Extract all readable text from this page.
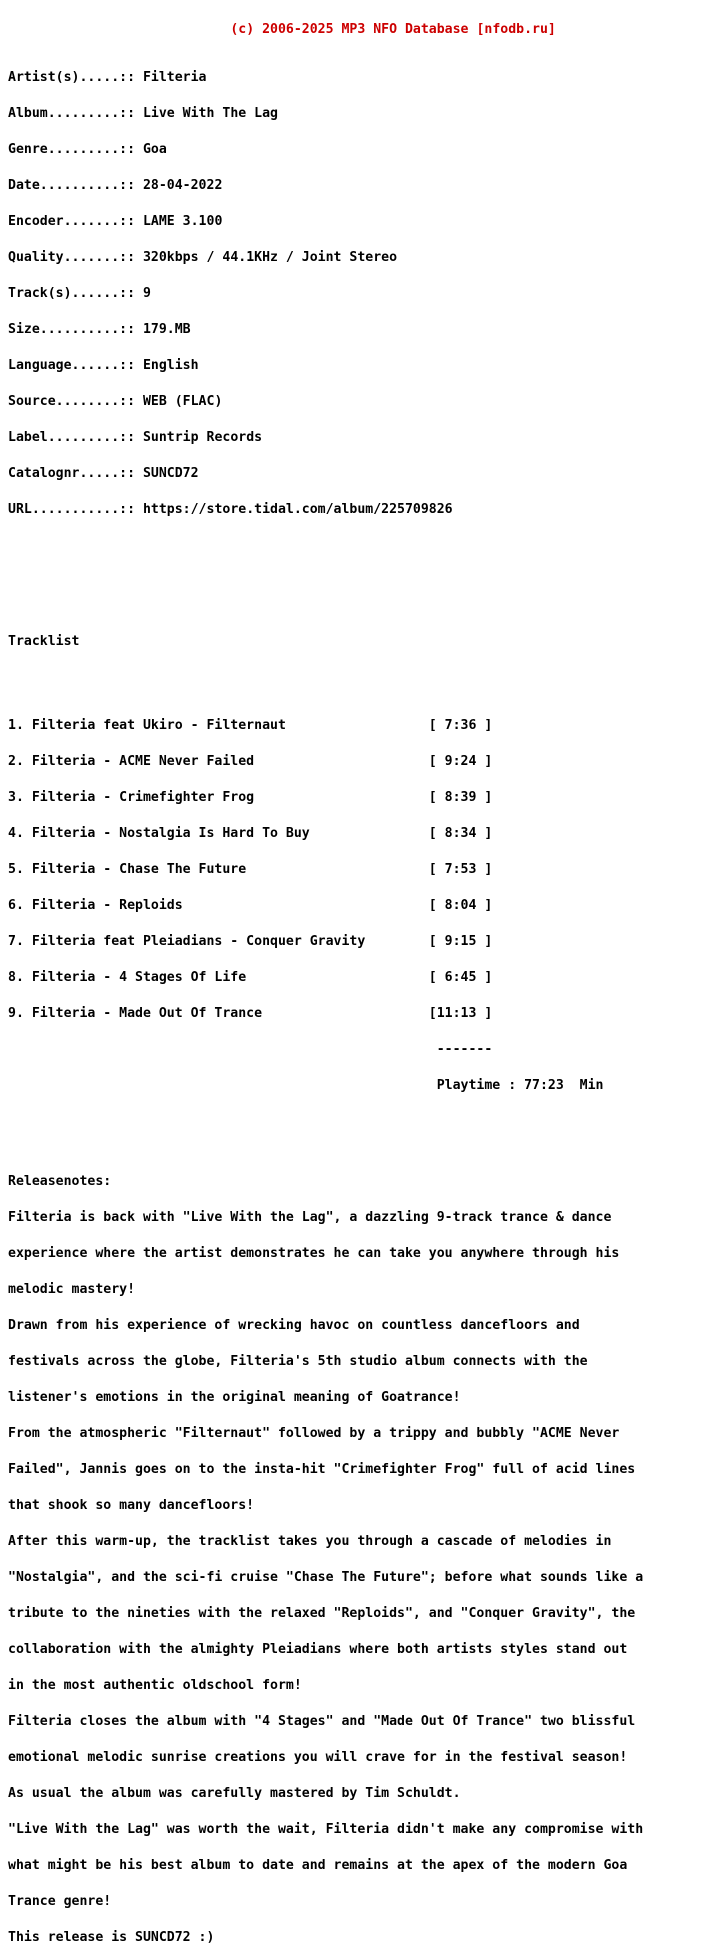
(c) 2006-2025 MP3 NFO Database [nfodb.ru]

Artist(s).....:: Filteria

Album.........:: Live With The Lag

Genre.........:: Goa

Date..........:: 28-04-2022

Encoder.......:: LAME 3.100

Quality.......:: 320kbps / 44.1KHz / Joint Stereo

Track(s)......:: 9

Size..........:: 179.MB

Language......:: English

Source........:: WEB (FLAC)

Label.........:: Suntrip Records

Catalognr.....:: SUNCD72

URL...........:: https://store.tidal.com/album/225709826

Tracklist

1. Filteria feat Ukiro - Filternaut                  [ 7:36 ]

2. Filteria - ACME Never Failed                      [ 9:24 ]

3. Filteria - Crimefighter Frog                      [ 8:39 ]

4. Filteria - Nostalgia Is Hard To Buy               [ 8:34 ]

5. Filteria - Chase The Future                       [ 7:53 ]

6. Filteria - Reploids                               [ 8:04 ]

7. Filteria feat Pleiadians - Conquer Gravity        [ 9:15 ]

8. Filteria - 4 Stages Of Life                       [ 6:45 ]

9. Filteria - Made Out Of Trance                     [11:13 ]

-------

Playtime : 77:23  Min

Releasenotes:

Filteria is back with "Live With the Lag", a dazzling 9-track trance & dance

experience where the artist demonstrates he can take you anywhere through his

melodic mastery!

Drawn from his experience of wrecking havoc on countless dancefloors and

festivals across the globe, Filteria's 5th studio album connects with the

listener's emotions in the original meaning of Goatrance!

From the atmospheric "Filternaut" followed by a trippy and bubbly "ACME Never

Failed", Jannis goes on to the insta-hit "Crimefighter Frog" full of acid lines

that shook so many dancefloors!

After this warm-up, the tracklist takes you through a cascade of melodies in

"Nostalgia", and the sci-fi cruise "Chase The Future"; before what sounds like a

tribute to the nineties with the relaxed "Reploids", and "Conquer Gravity", the

collaboration with the almighty Pleiadians where both artists styles stand out

in the most authentic oldschool form!

Filteria closes the album with "4 Stages" and "Made Out Of Trance" two blissful

emotional melodic sunrise creations you will crave for in the festival season!

As usual the album was carefully mastered by Tim Schuldt.

"Live With the Lag" was worth the wait, Filteria didn't make any compromise with

what might be his best album to date and remains at the apex of the modern Goa

Trance genre!

This release is SUNCD72 :)
